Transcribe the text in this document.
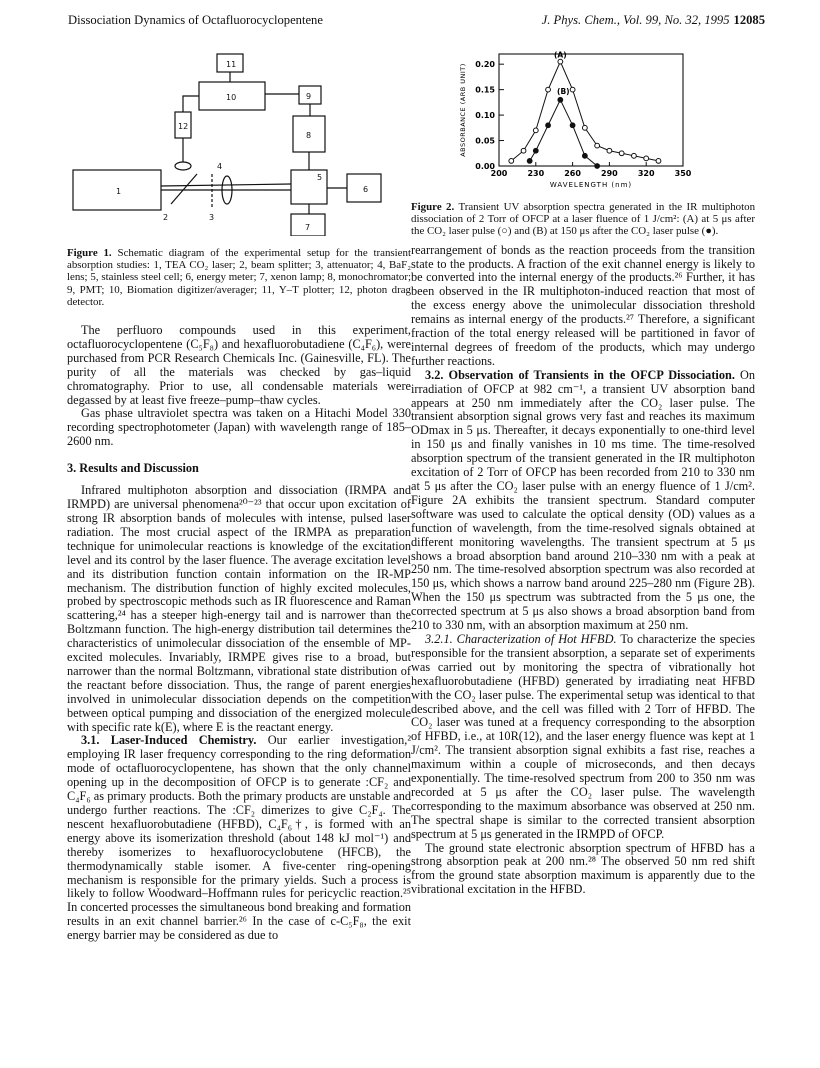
Dissociation Dynamics of Octafluorocyclopentene	J. Phys. Chem., Vol. 99, No. 32, 1995 12085
1
2	3
4
5
6
7
8
9
10
11
12

Figure 1. Schematic diagram of the experimental setup for the transient absorption studies: 1, TEA CO₂ laser; 2, beam splitter; 3, attenuator; 4, BaF₂ lens; 5, stainless steel cell; 6, energy meter; 7, xenon lamp; 8, monochromator; 9, PMT; 10, Biomation digitizer/averager; 11, Y–T plotter; 12, photon drag detector.

The perfluoro compounds used in this experiment, octafluorocyclopentene (C₅F₈) and hexafluorobutadiene (C₄F₆), were purchased from PCR Research Chemicals Inc. (Gainesville, FL). The purity of all the materials was checked by gas–liquid chromatography. Prior to use, all condensable materials were degassed by at least five freeze–pump–thaw cycles.

Gas phase ultraviolet spectra was taken on a Hitachi Model 330 recording spectrophotometer (Japan) with wavelength range of 185–2600 nm.

3. Results and Discussion

Infrared multiphoton absorption and dissociation (IRMPA and IRMPD) are universal phenomena²⁰⁻²³ that occur upon excitation of strong IR absorption bands of molecules with intense, pulsed laser radiation. The most crucial aspect of the IRMPA as preparation technique for unimolecular reactions is knowledge of the excitation level and its control by the laser fluence. The average excitation level and its distribution function contain information on the IR-MP mechanism. The distribution function of highly excited molecules, probed by spectroscopic methods such as IR fluorescence and Raman scattering,²⁴ has a steeper high-energy tail and is narrower than the Boltzmann function. The high-energy distribution tail determines the characteristics of unimolecular dissociation of the ensemble of MP-excited molecules. Invariably, IRMPE gives rise to a broad, but narrower than the normal Boltzmann, vibrational state distribution of the reactant before dissociation. Thus, the range of parent energies involved in unimolecular dissociation depends on the competition between optical pumping and dissociation of the energized molecule with specific rate k(E), where E is the reactant energy.

3.1. Laser-Induced Chemistry. Our earlier investigation,² employing IR laser frequency corresponding to the ring deformation mode of octafluorocyclopentene, has shown that the only channel opening up in the decomposition of OFCP is to generate :CF₂ and C₄F₆ as primary products. Both the primary products are unstable and undergo further reactions. The :CF₂ dimerizes to give C₂F₄. The nescent hexafluorobutadiene (HFBD), C₄F₆†, is formed with an energy above its isomerization threshold (about 148 kJ mol⁻¹) and thereby isomerizes to hexafluorocyclobutene (HFCB), the thermodynamically stable isomer. A five-center ring-opening mechanism is responsible for the primary yields. Such a process is likely to follow Woodward–Hoffmann rules for pericyclic reaction.²⁵ In concerted processes the simultaneous bond breaking and formation results in an exit channel barrier.²⁶ In the case of c-C₅F₈, the exit energy barrier may be considered as due to

200	230	260	290	320	350
0.00
0.05
0.10
0.15
0.20
WAVELENGTH (nm)
ABSORBANCE (ARB UNIT)
(A)
(B)

Figure 2. Transient UV absorption spectra generated in the IR multiphoton dissociation of 2 Torr of OFCP at a laser fluence of 1 J/cm²: (A) at 5 μs after the CO₂ laser pulse (○) and (B) at 150 μs after the CO₂ laser pulse (●).

rearrangement of bonds as the reaction proceeds from the transition state to the products. A fraction of the exit channel energy is likely to be converted into the internal energy of the products.²⁶ Further, it has been observed in the IR multiphoton-induced reaction that most of the excess energy above the unimolecular dissociation threshold remains as internal energy of the products.²⁷ Therefore, a significant fraction of the total energy released will be partitioned in favor of internal degrees of freedom of the products, which may undergo further reactions.

3.2. Observation of Transients in the OFCP Dissociation. On irradiation of OFCP at 982 cm⁻¹, a transient UV absorption band appears at 250 nm immediately after the CO₂ laser pulse. The transient absorption signal grows very fast and reaches its maximum ODmax in 5 μs. Thereafter, it decays exponentially to one-third level in 150 μs and finally vanishes in 10 ms time. The time-resolved absorption spectrum of the transient generated in the IR multiphoton excitation of 2 Torr of OFCP has been recorded from 210 to 330 nm at 5 μs after the CO₂ laser pulse with an energy fluence of 1 J/cm². Figure 2A exhibits the transient spectrum. Standard computer software was used to calculate the optical density (OD) values as a function of wavelength, from the time-resolved signals obtained at different monitoring wavelengths. The transient spectrum at 5 μs shows a broad absorption band around 210–330 nm with a peak at 250 nm. The time-resolved absorption spectrum was also recorded at 150 μs, which shows a narrow band around 225–280 nm (Figure 2B). When the 150 μs spectrum was subtracted from the 5 μs one, the corrected spectrum at 5 μs also shows a broad absorption band from 210 to 330 nm, with an absorption maximum at 250 nm.

3.2.1. Characterization of Hot HFBD. To characterize the species responsible for the transient absorption, a separate set of experiments was carried out by monitoring the spectra of vibrationally hot hexafluorobutadiene (HFBD) generated by irradiating neat HFBD with the CO₂ laser pulse. The experimental setup was identical to that described above, and the cell was filled with 2 Torr of HFBD. The CO₂ laser was tuned at a frequency corresponding to the absorption of HFBD, i.e., at 10R(12), and the laser energy fluence was kept at 1 J/cm². The transient absorption signal exhibits a fast rise, reaches a maximum within a couple of microseconds, and then decays exponentially. The time-resolved spectrum from 200 to 350 nm was recorded at 5 μs after the CO₂ laser pulse. The wavelength corresponding to the maximum absorbance was observed at 250 nm. The spectral shape is similar to the corrected transient absorption spectrum at 5 μs generated in the IRMPD of OFCP.

The ground state electronic absorption spectrum of HFBD has a strong absorption peak at 200 nm.²⁸ The observed 50 nm red shift from the ground state absorption maximum is apparently due to the vibrational excitation in the HFBD.
